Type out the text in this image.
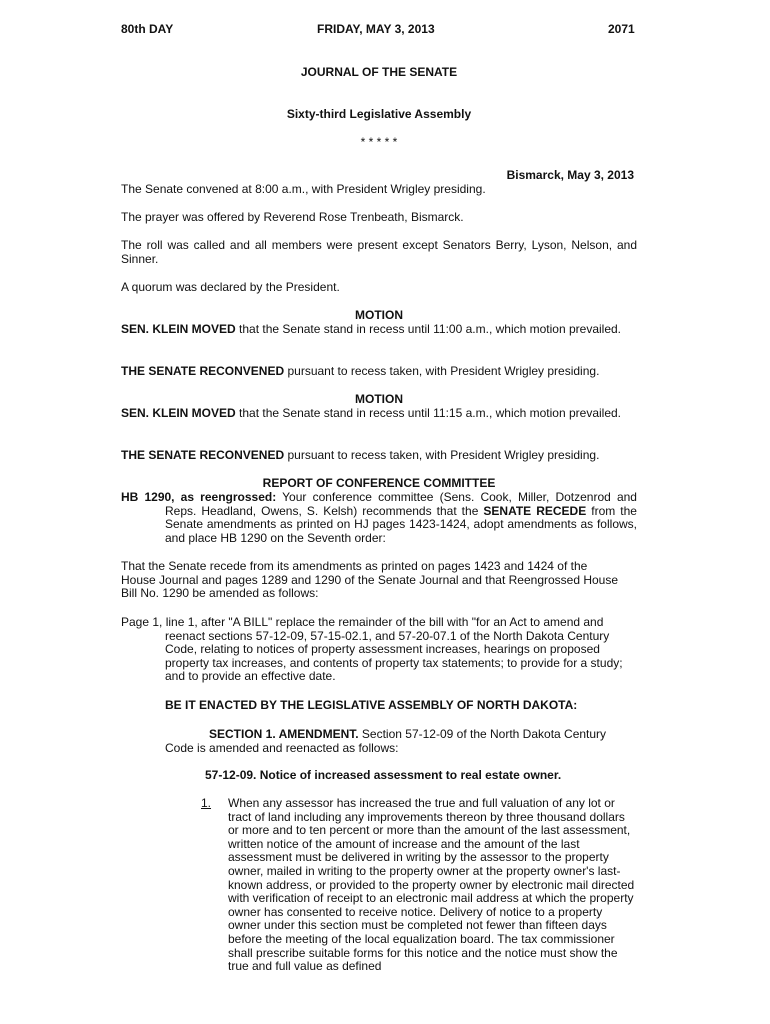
80th DAY	FRIDAY, MAY 3, 2013	2071
JOURNAL OF THE SENATE
Sixty-third Legislative Assembly
* * * * *
Bismarck, May 3, 2013
The Senate convened at 8:00 a.m., with President Wrigley presiding.
The prayer was offered by Reverend Rose Trenbeath, Bismarck.
The roll was called and all members were present except Senators Berry, Lyson, Nelson, and Sinner.
A quorum was declared by the President.
MOTION
SEN. KLEIN MOVED that the Senate stand in recess until 11:00 a.m., which motion prevailed.
THE SENATE RECONVENED pursuant to recess taken, with President Wrigley presiding.
MOTION
SEN. KLEIN MOVED that the Senate stand in recess until 11:15 a.m., which motion prevailed.
THE SENATE RECONVENED pursuant to recess taken, with President Wrigley presiding.
REPORT OF CONFERENCE COMMITTEE
HB 1290, as reengrossed: Your conference committee (Sens. Cook, Miller, Dotzenrod and Reps. Headland, Owens, S. Kelsh) recommends that the SENATE RECEDE from the Senate amendments as printed on HJ pages 1423-1424, adopt amendments as follows, and place HB 1290 on the Seventh order:
That the Senate recede from its amendments as printed on pages 1423 and 1424 of the House Journal and pages 1289 and 1290 of the Senate Journal and that Reengrossed House Bill No. 1290 be amended as follows:
Page 1, line 1, after "A BILL" replace the remainder of the bill with "for an Act to amend and reenact sections 57-12-09, 57-15-02.1, and 57-20-07.1 of the North Dakota Century Code, relating to notices of property assessment increases, hearings on proposed property tax increases, and contents of property tax statements; to provide for a study; and to provide an effective date.
BE IT ENACTED BY THE LEGISLATIVE ASSEMBLY OF NORTH DAKOTA:
SECTION 1. AMENDMENT. Section 57-12-09 of the North Dakota Century Code is amended and reenacted as follows:
57-12-09. Notice of increased assessment to real estate owner.
1. When any assessor has increased the true and full valuation of any lot or tract of land including any improvements thereon by three thousand dollars or more and to ten percent or more than the amount of the last assessment, written notice of the amount of increase and the amount of the last assessment must be delivered in writing by the assessor to the property owner, mailed in writing to the property owner at the property owner's last-known address, or provided to the property owner by electronic mail directed with verification of receipt to an electronic mail address at which the property owner has consented to receive notice. Delivery of notice to a property owner under this section must be completed not fewer than fifteen days before the meeting of the local equalization board. The tax commissioner shall prescribe suitable forms for this notice and the notice must show the true and full value as defined
